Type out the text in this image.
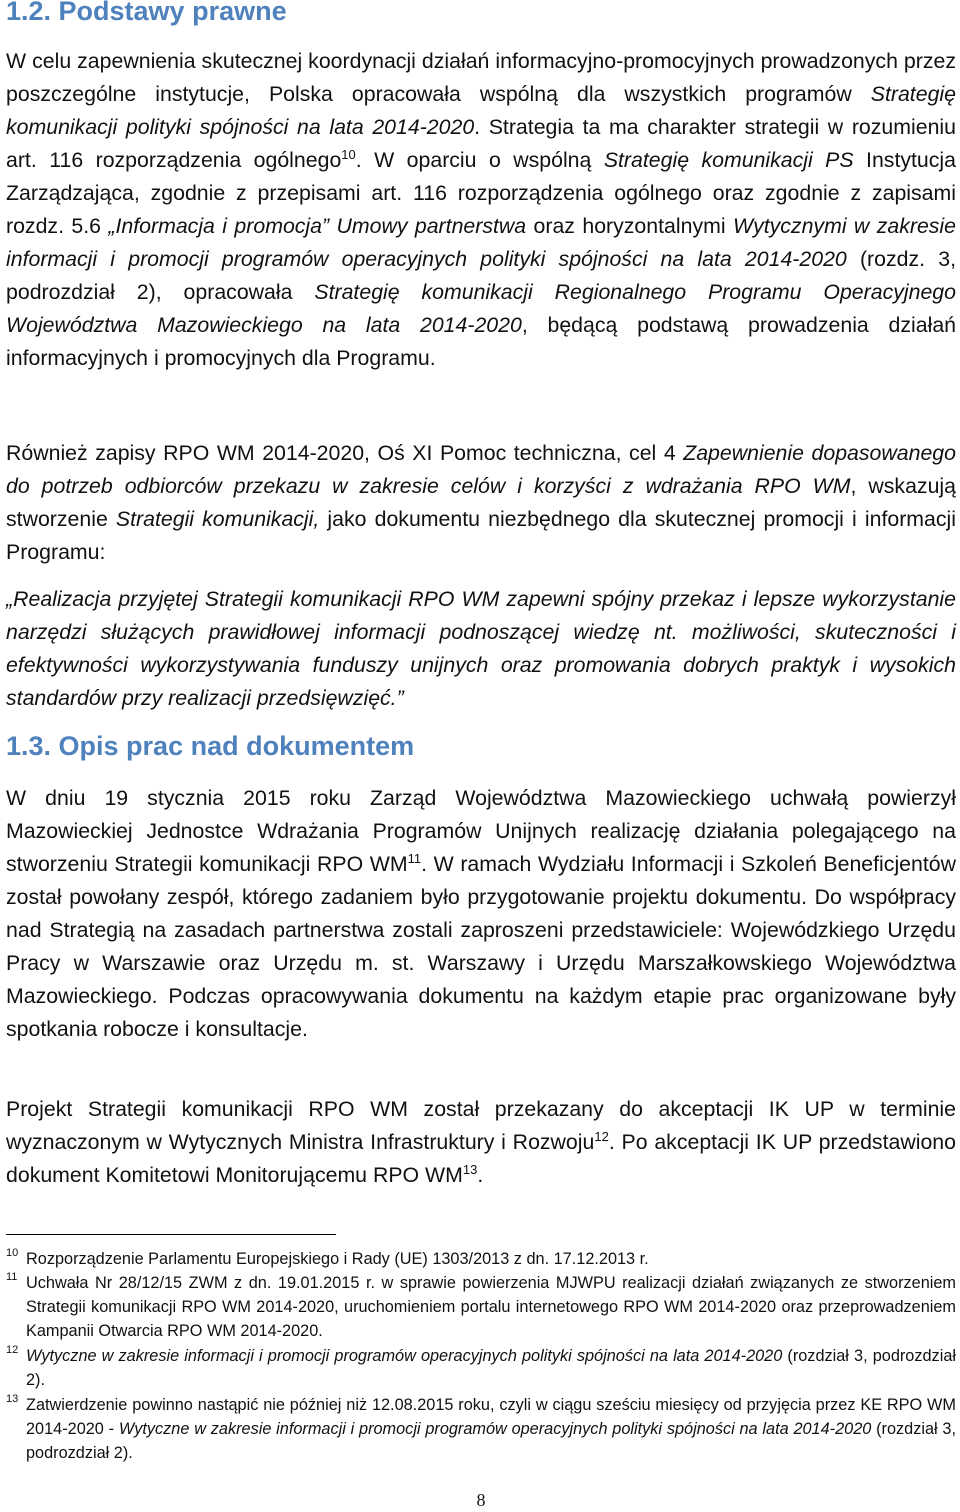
1.2. Podstawy prawne

W celu zapewnienia skutecznej koordynacji działań informacyjno-promocyjnych prowadzonych przez poszczególne instytucje, Polska opracowała wspólną dla wszystkich programów Strategię komunikacji polityki spójności na lata 2014-2020. Strategia ta ma charakter strategii w rozumieniu art. 116 rozporządzenia ogólnego$^{10}$. W oparciu o wspólną Strategię komunikacji PS Instytucja Zarządzająca, zgodnie z przepisami art. 116 rozporządzenia ogólnego oraz zgodnie z zapisami rozdz. 5.6 „Informacja i promocja” Umowy partnerstwa oraz horyzontalnymi Wytycznymi w zakresie informacji i promocji programów operacyjnych polityki spójności na lata 2014-2020 (rozdz. 3, podrozdział 2), opracowała Strategię komunikacji Regionalnego Programu Operacyjnego Województwa Mazowieckiego na lata 2014-2020, będącą podstawą prowadzenia działań informacyjnych i promocyjnych dla Programu.

Również zapisy RPO WM 2014-2020, Oś XI Pomoc techniczna, cel 4 Zapewnienie dopasowanego do potrzeb odbiorców przekazu w zakresie celów i korzyści z wdrażania RPO WM, wskazują stworzenie Strategii komunikacji, jako dokumentu niezbędnego dla skutecznej promocji i informacji Programu:

„Realizacja przyjętej Strategii komunikacji RPO WM zapewni spójny przekaz i lepsze wykorzystanie narzędzi służących prawidłowej informacji podnoszącej wiedzę nt. możliwości, skuteczności i efektywności wykorzystywania funduszy unijnych oraz promowania dobrych praktyk i wysokich standardów przy realizacji przedsięwzięć.”

1.3. Opis prac nad dokumentem

W dniu 19 stycznia 2015 roku Zarząd Województwa Mazowieckiego uchwałą powierzył Mazowieckiej Jednostce Wdrażania Programów Unijnych realizację działania polegającego na stworzeniu Strategii komunikacji RPO WM$^{11}$. W ramach Wydziału Informacji i Szkoleń Beneficjentów został powołany zespół, którego zadaniem było przygotowanie projektu dokumentu. Do współpracy nad Strategią na zasadach partnerstwa zostali zaproszeni przedstawiciele: Wojewódzkiego Urzędu Pracy w Warszawie oraz Urzędu m. st. Warszawy i Urzędu Marszałkowskiego Województwa Mazowieckiego. Podczas opracowywania dokumentu na każdym etapie prac organizowane były spotkania robocze i konsultacje.

Projekt Strategii komunikacji RPO WM został przekazany do akceptacji IK UP w terminie wyznaczonym w Wytycznych Ministra Infrastruktury i Rozwoju$^{12}$. Po akceptacji IK UP przedstawiono dokument Komitetowi Monitorującemu RPO WM$^{13}$.

10 Rozporządzenie Parlamentu Europejskiego i Rady (UE) 1303/2013 z dn. 17.12.2013 r.
11 Uchwała Nr 28/12/15 ZWM z dn. 19.01.2015 r. w sprawie powierzenia MJWPU realizacji działań związanych ze stworzeniem Strategii komunikacji RPO WM 2014-2020, uruchomieniem portalu internetowego RPO WM 2014-2020 oraz przeprowadzeniem Kampanii Otwarcia RPO WM 2014-2020.
12 Wytyczne w zakresie informacji i promocji programów operacyjnych polityki spójności na lata 2014-2020 (rozdział 3, podrozdział 2).
13 Zatwierdzenie powinno nastąpić nie później niż 12.08.2015 roku, czyli w ciągu sześciu miesięcy od przyjęcia przez KE RPO WM 2014-2020 - Wytyczne w zakresie informacji i promocji programów operacyjnych polityki spójności na lata 2014-2020 (rozdział 3, podrozdział 2).
8
